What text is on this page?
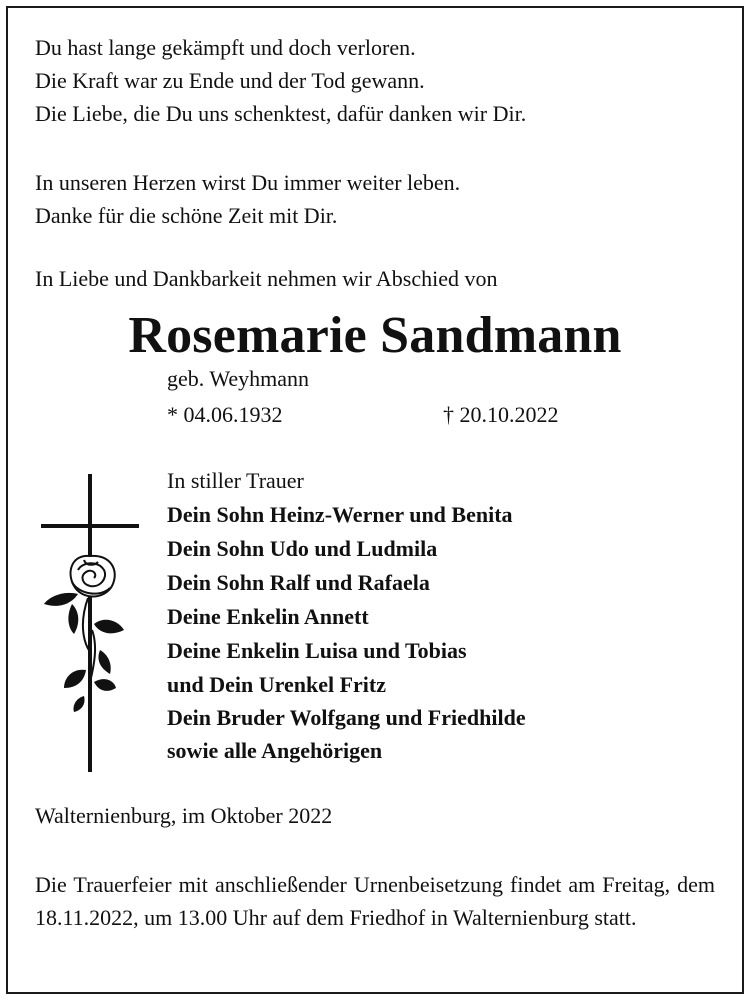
Du hast lange gekämpft und doch verloren.
Die Kraft war zu Ende und der Tod gewann.
Die Liebe, die Du uns schenktest, dafür danken wir Dir.
In unseren Herzen wirst Du immer weiter leben.
Danke für die schöne Zeit mit Dir.
In Liebe und Dankbarkeit nehmen wir Abschied von
Rosemarie Sandmann
geb. Weyhmann
* 04.06.1932	† 20.10.2022
In stiller Trauer
Dein Sohn Heinz-Werner und Benita
Dein Sohn Udo und Ludmila
Dein Sohn Ralf und Rafaela
Deine Enkelin Annett
Deine Enkelin Luisa und Tobias
und Dein Urenkel Fritz
Dein Bruder Wolfgang und Friedhilde
sowie alle Angehörigen
Walternienburg, im Oktober 2022
Die Trauerfeier mit anschließender Urnenbeisetzung findet am Freitag, dem 18.11.2022, um 13.00 Uhr auf dem Friedhof in Walternienburg statt.
